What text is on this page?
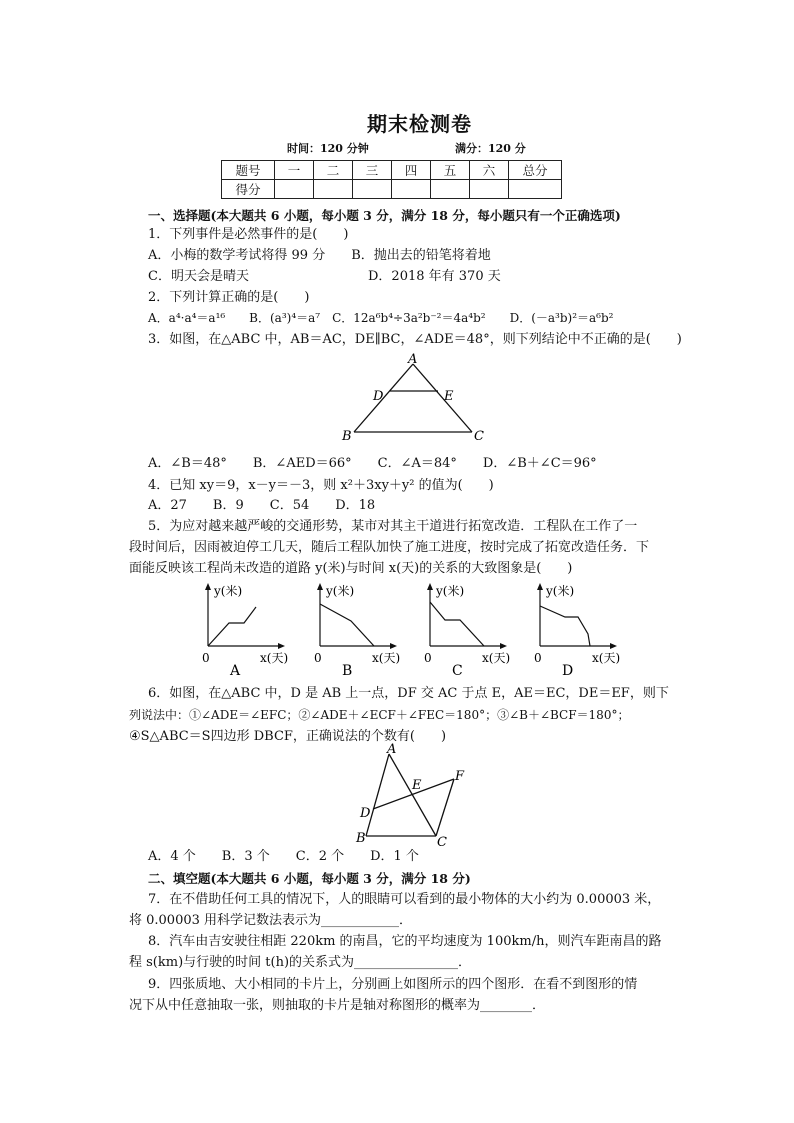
期末检测卷
时间：120 分钟	满分：120 分
题号	一	二	三	四	五	六	总分
得分							
一、选择题(本大题共 6 小题，每小题 3 分，满分 18 分，每小题只有一个正确选项)
1．下列事件是必然事件的是(　　)
A．小梅的数学考试将得 99 分　　B．抛出去的铅笔将着地
C．明天会是晴天	D．2018 年有 370 天
2．下列计算正确的是(　　)
A．a⁴·a⁴＝a¹⁶　　B．(a³)⁴＝a⁷　C．12a⁶b⁴÷3a²b⁻²＝4a⁴b²　　D．(－a³b)²＝a⁶b²
3．如图，在△ABC 中，AB＝AC，DE∥BC，∠ADE＝48°，则下列结论中不正确的是(　　)
A
D	E
B	C
A．∠B＝48°　　B．∠AED＝66°　　C．∠A＝84°　　D．∠B＋∠C＝96°
4．已知 xy＝9，x－y＝－3，则 x²＋3xy＋y² 的值为(　　)
A．27　　B．9　　C．54　　D．18
5．为应对越来越严峻的交通形势，某市对其主干道进行拓宽改造．工程队在工作了一
段时间后，因雨被迫停工几天，随后工程队加快了施工进度，按时完成了拓宽改造任务．下
面能反映该工程尚未改造的道路 y(米)与时间 x(天)的关系的大致图象是(　　)
y(米)
0	x(天)
A
y(米)
0	x(天)
B
y(米)
0	x(天)
C
y(米)
0	x(天)
D
6．如图，在△ABC 中，D 是 AB 上一点，DF 交 AC 于点 E，AE＝EC，DE＝EF，则下
列说法中：①∠ADE＝∠EFC；②∠ADE＋∠ECF＋∠FEC＝180°；③∠B＋∠BCF＝180°；
④S△ABC＝S四边形 DBCF，正确说法的个数有(　　)
A
E
F
D
B	C
A．4 个　　B．3 个　　C．2 个　　D．1 个
二、填空题(本大题共 6 小题，每小题 3 分，满分 18 分)
7．在不借助任何工具的情况下，人的眼睛可以看到的最小物体的大小约为 0.00003 米，
将 0.00003 用科学记数法表示为____________．
8．汽车由吉安驶往相距 220km 的南昌，它的平均速度为 100km/h，则汽车距南昌的路
程 s(km)与行驶的时间 t(h)的关系式为________________．
9．四张质地、大小相同的卡片上，分别画上如图所示的四个图形．在看不到图形的情
况下从中任意抽取一张，则抽取的卡片是轴对称图形的概率为________．
